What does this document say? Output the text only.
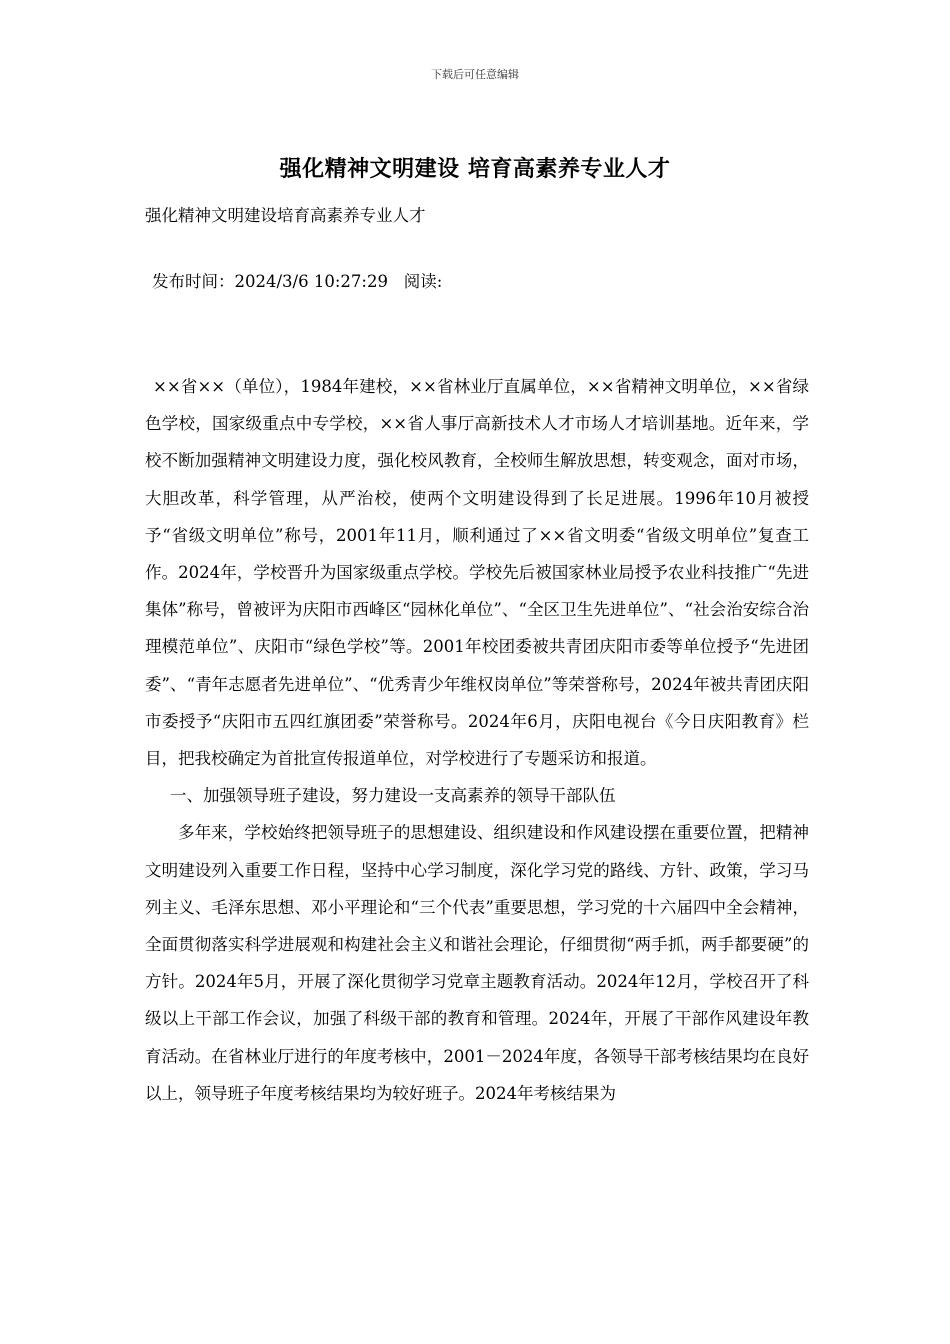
下载后可任意编辑
强化精神文明建设 培育高素养专业人才
强化精神文明建设培育高素养专业人才
发布时间：2024/3/6 10:27:29 阅读:

××省××（单位），1984年建校，××省林业厅直属单位，××省精神文明单位，××省绿色学校，国家级重点中专学校，××省人事厅高新技术人才市场人才培训基地。近年来，学校不断加强精神文明建设力度，强化校风教育，全校师生解放思想，转变观念，面对市场，大胆改革，科学管理，从严治校，使两个文明建设得到了长足进展。1996年10月被授予“省级文明单位”称号，2001年11月，顺利通过了××省文明委“省级文明单位”复查工作。2024年，学校晋升为国家级重点学校。学校先后被国家林业局授予农业科技推广“先进集体”称号，曾被评为庆阳市西峰区“园林化单位”、“全区卫生先进单位”、“社会治安综合治理模范单位”、庆阳市“绿色学校”等。2001年校团委被共青团庆阳市委等单位授予“先进团委”、“青年志愿者先进单位”、“优秀青少年维权岗单位”等荣誉称号，2024年被共青团庆阳市委授予“庆阳市五四红旗团委”荣誉称号。2024年6月，庆阳电视台《今日庆阳教育》栏目，把我校确定为首批宣传报道单位，对学校进行了专题采访和报道。

一、加强领导班子建设，努力建设一支高素养的领导干部队伍

多年来，学校始终把领导班子的思想建设、组织建设和作风建设摆在重要位置，把精神文明建设列入重要工作日程，坚持中心学习制度，深化学习党的路线、方针、政策，学习马列主义、毛泽东思想、邓小平理论和“三个代表”重要思想，学习党的十六届四中全会精神，全面贯彻落实科学进展观和构建社会主义和谐社会理论，仔细贯彻“两手抓，两手都要硬”的方针。2024年5月，开展了深化贯彻学习党章主题教育活动。2024年12月，学校召开了科级以上干部工作会议，加强了科级干部的教育和管理。2024年，开展了干部作风建设年教育活动。在省林业厅进行的年度考核中，2001－2024年度，各领导干部考核结果均在良好以上，领导班子年度考核结果均为较好班子。2024年考核结果为
